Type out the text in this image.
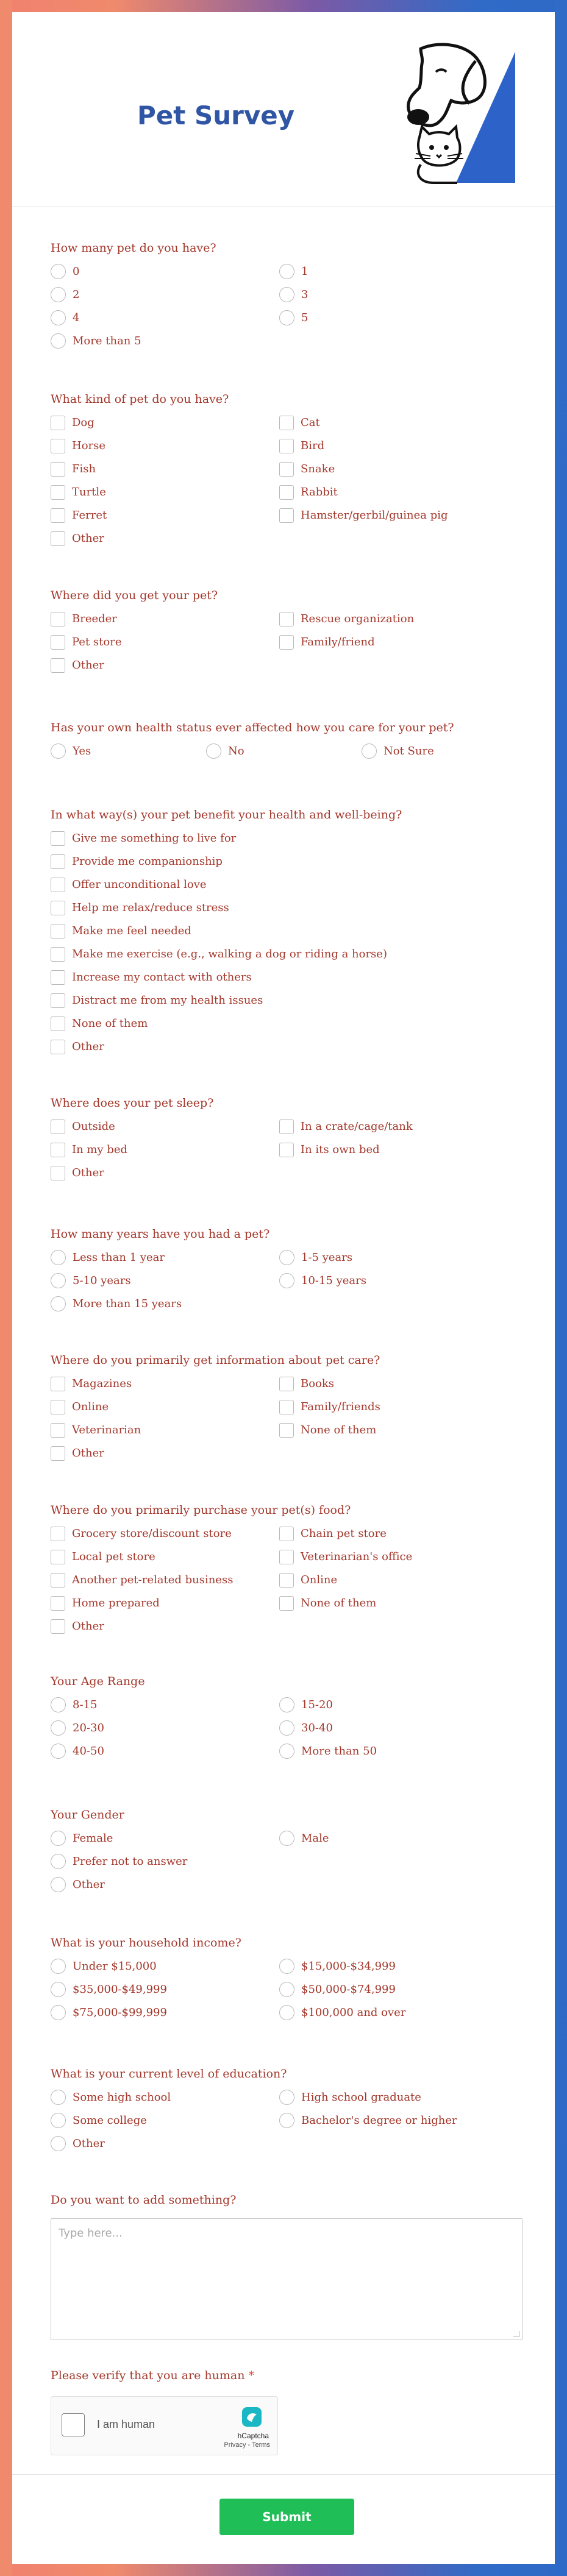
Pet Survey
How many pet do you have?
0	1
2	3
4	5
More than 5
What kind of pet do you have?
Dog	Cat
Horse	Bird
Fish	Snake
Turtle	Rabbit
Ferret	Hamster/gerbil/guinea pig
Other
Where did you get your pet?
Breeder	Rescue organization
Pet store	Family/friend
Other
Has your own health status ever affected how you care for your pet?
Yes	No	Not Sure
In what way(s) your pet benefit your health and well-being?
Give me something to live for
Provide me companionship
Offer unconditional love
Help me relax/reduce stress
Make me feel needed
Make me exercise (e.g., walking a dog or riding a horse)
Increase my contact with others
Distract me from my health issues
None of them
Other
Where does your pet sleep?
Outside	In a crate/cage/tank
In my bed	In its own bed
Other
How many years have you had a pet?
Less than 1 year	1-5 years
5-10 years	10-15 years
More than 15 years
Where do you primarily get information about pet care?
Magazines	Books
Online	Family/friends
Veterinarian	None of them
Other
Where do you primarily purchase your pet(s) food?
Grocery store/discount store	Chain pet store
Local pet store	Veterinarian's office
Another pet-related business	Online
Home prepared	None of them
Other
Your Age Range
8-15	15-20
20-30	30-40
40-50	More than 50
Your Gender
Female	Male
Prefer not to answer
Other
What is your household income?
Under $15,000	$15,000-$34,999
$35,000-$49,999	$50,000-$74,999
$75,000-$99,999	$100,000 and over
What is your current level of education?
Some high school	High school graduate
Some college	Bachelor's degree or higher
Other
Do you want to add something?
Type here...
Please verify that you are human *
I am human
hCaptcha
Privacy - Terms
Submit
